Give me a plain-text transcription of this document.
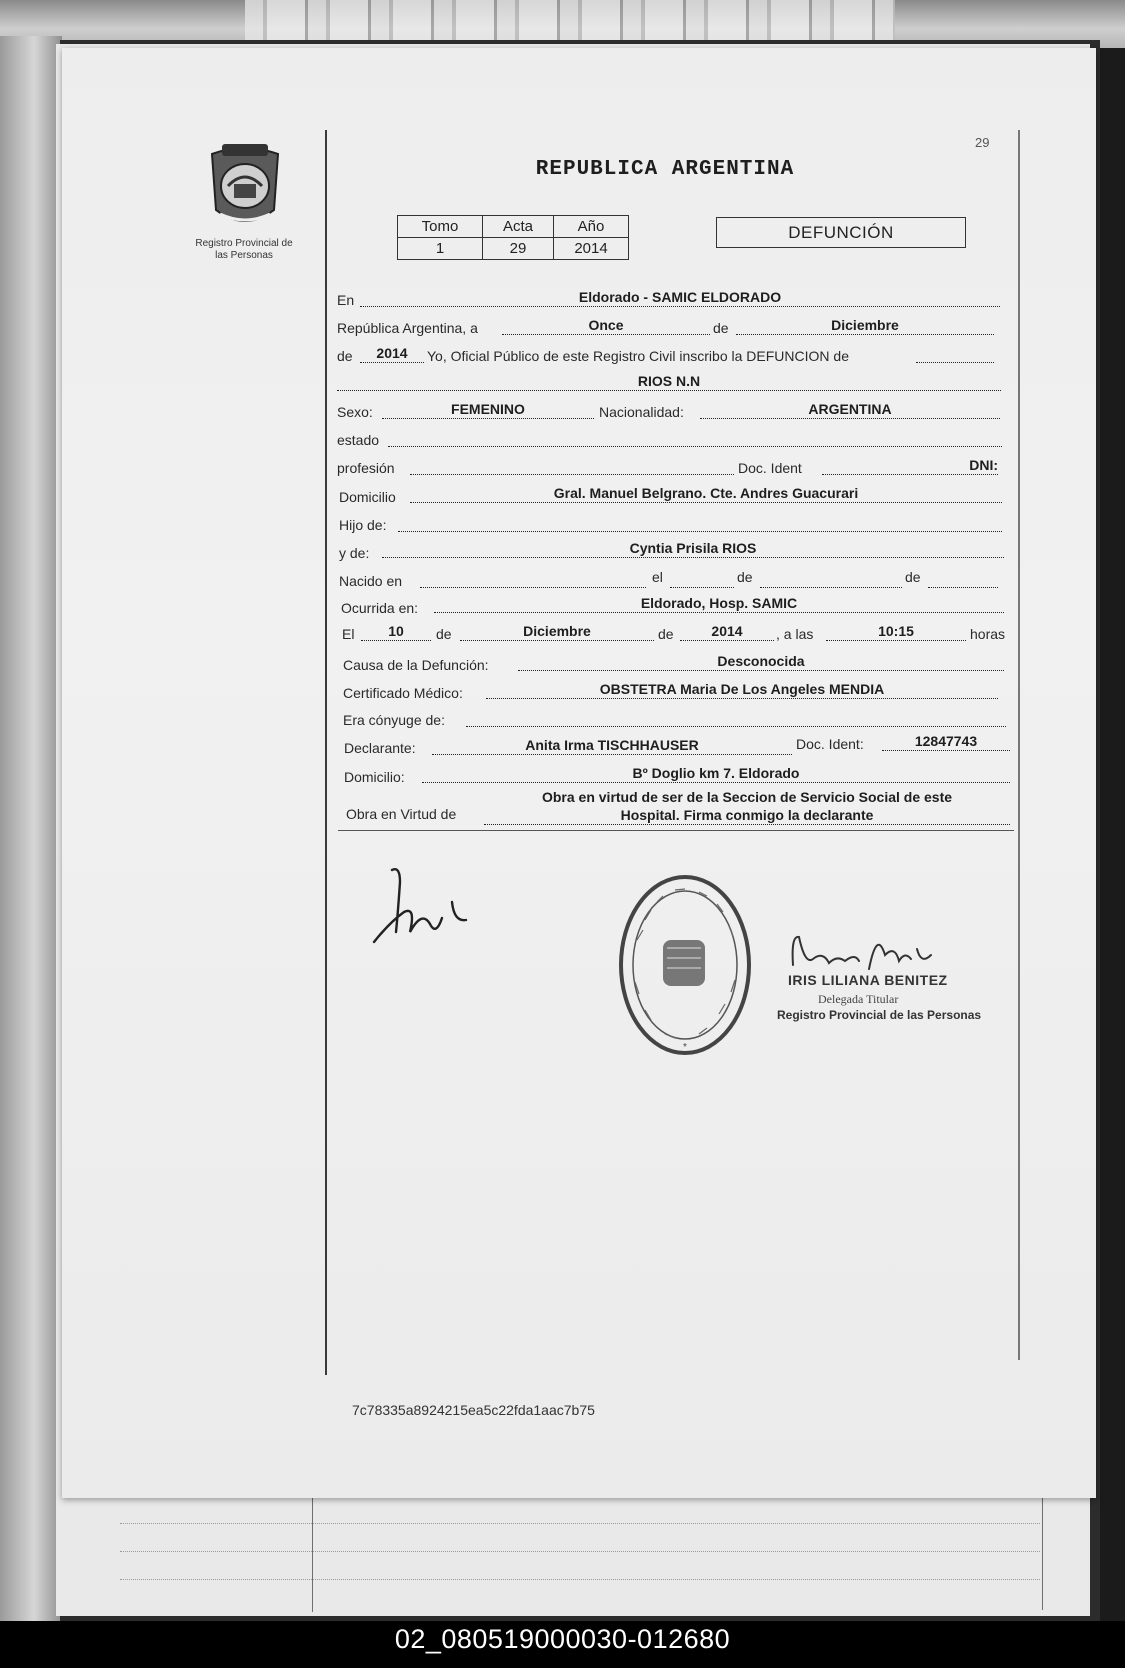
29
Registro Provincial de
las Personas
REPUBLICA ARGENTINA
Tomo	Acta	Año
1	29	2014
DEFUNCIÓN
En	Eldorado - SAMIC ELDORADO
República Argentina, a	Once	de	Diciembre
de	2014	Yo, Oficial Público de este Registro Civil inscribo la DEFUNCION de
RIOS N.N
Sexo:	FEMENINO	Nacionalidad:	ARGENTINA
estado
profesión	Doc. Ident	DNI:
Domicilio	Gral. Manuel Belgrano. Cte. Andres Guacurari
Hijo de:
y de:	Cyntia Prisila RIOS
Nacido en	el	de	de
Ocurrida en:	Eldorado, Hosp. SAMIC
El	10	de	Diciembre	de	2014	, a las	10:15	horas
Causa de la Defunción:	Desconocida
Certificado Médico:	OBSTETRA Maria De Los Angeles MENDIA
Era cónyuge de:
Declarante:	Anita Irma TISCHHAUSER	Doc. Ident:	12847743
Domicilio:	Bº Doglio km 7. Eldorado
Obra en Virtud de
Obra en virtud de ser de la Seccion de Servicio Social de este
Hospital. Firma conmigo la declarante
*
IRIS LILIANA BENITEZ
Delegada Titular
Registro Provincial de las Personas
7c78335a8924215ea5c22fda1aac7b75
02_080519000030-012680
